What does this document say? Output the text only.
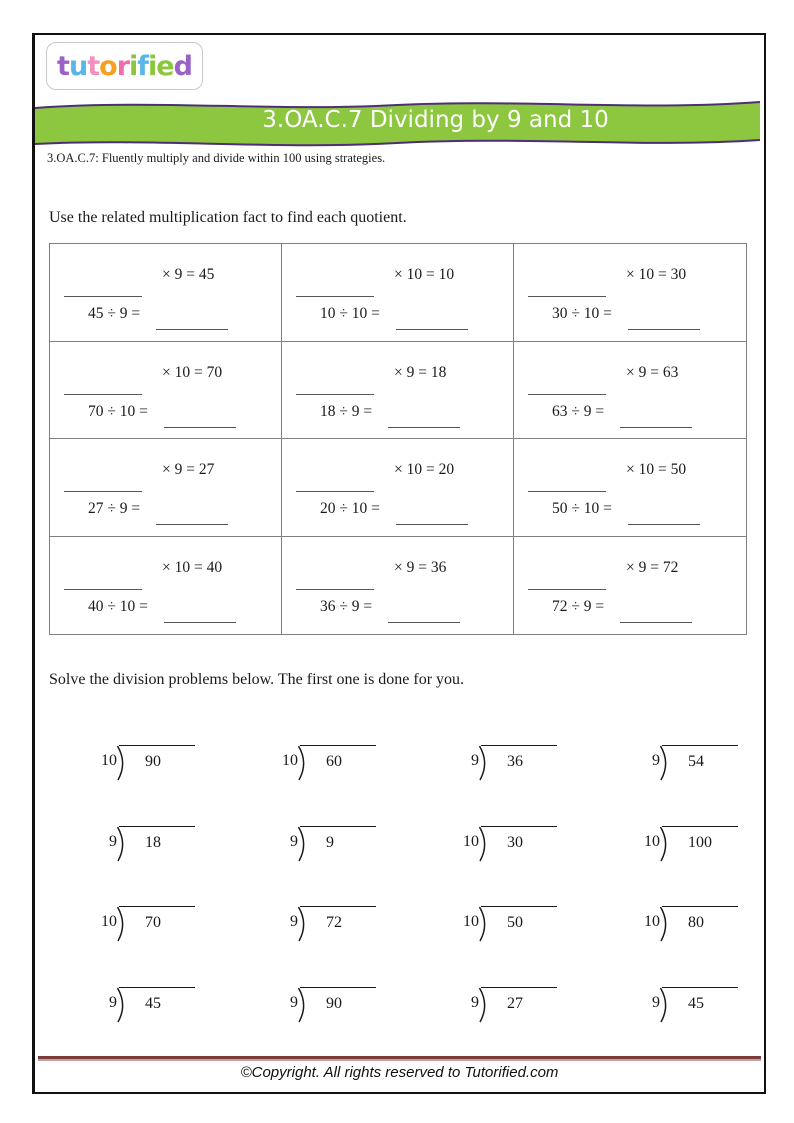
tutorified
3.OA.C.7 Dividing by 9 and 10
3.OA.C.7: Fluently multiply and divide within 100 using strategies.
Use the related multiplication fact to find each quotient.
× 9 = 45
45 ÷ 9 =
× 10 = 10
10 ÷ 10 =
× 10 = 30
30 ÷ 10 =
× 10 = 70
70 ÷ 10 =
× 9 = 18
18 ÷ 9 =
× 9 = 63
63 ÷ 9 =
× 9 = 27
27 ÷ 9 =
× 10 = 20
20 ÷ 10 =
× 10 = 50
50 ÷ 10 =
× 10 = 40
40 ÷ 10 =
× 9 = 36
36 ÷ 9 =
× 9 = 72
72 ÷ 9 =
Solve the division problems below. The first one is done for you.
10	90	10	60	9	36	9	54
9	18	9	9	10	30	10	100
10	70	9	72	10	50	10	80
9	45	9	90	9	27	9	45
©Copyright. All rights reserved to Tutorified.com
